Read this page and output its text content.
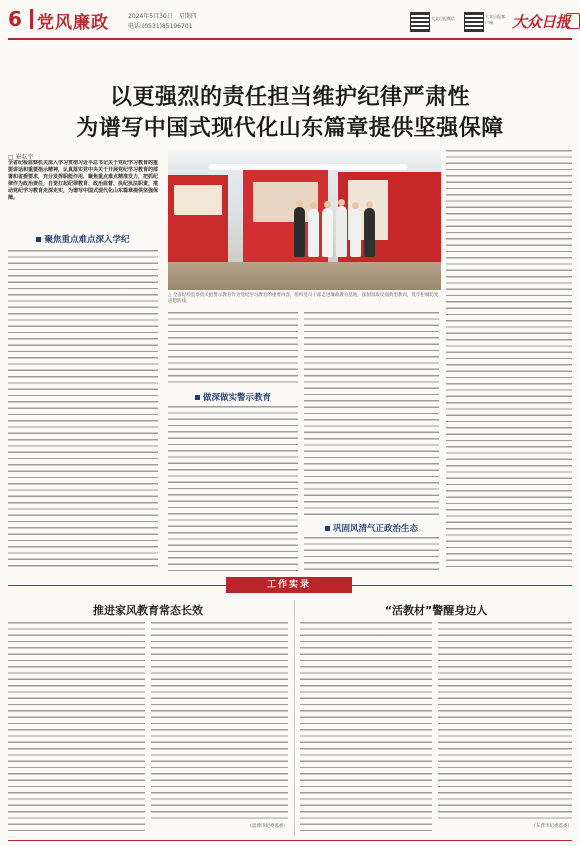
6 党风廉政	2024年5月30日　星期四
电话:(0531)85196701
大众日报微信	大众日报客户端	大众日报
以更强烈的责任担当维护纪律严肃性
为谱写中国式现代化山东篇章提供坚强保障
□ 崔耘宇
全省纪检监察机关深入学习贯彻习近平总书记关于党纪学习教育的重要讲话和重要指示精神，认真落实党中央关于开展党纪学习教育的部署和省委要求，充分发挥职能作用，聚焦重点难点精准发力，把抓纪律作为政治责任，自觉扛起纪律教育、政治监督、执纪执法职责，推动党纪学习教育走深走实，为谱写中国式现代化山东篇章提供坚强保障。
聚焦重点难点深入学纪
△ 全省纪检监察机关把警示教育作为党纪学习教育的重要内容，组织党员干部走进廉政教育基地，深刻汲取反面典型教训，筑牢拒腐防变思想防线。
做深做实警示教育
巩固风清气正政治生态
工作实录
推进家风教育常态长效
（淄博市纪委监委）
“活教材”警醒身边人
（东营市纪委监委）
